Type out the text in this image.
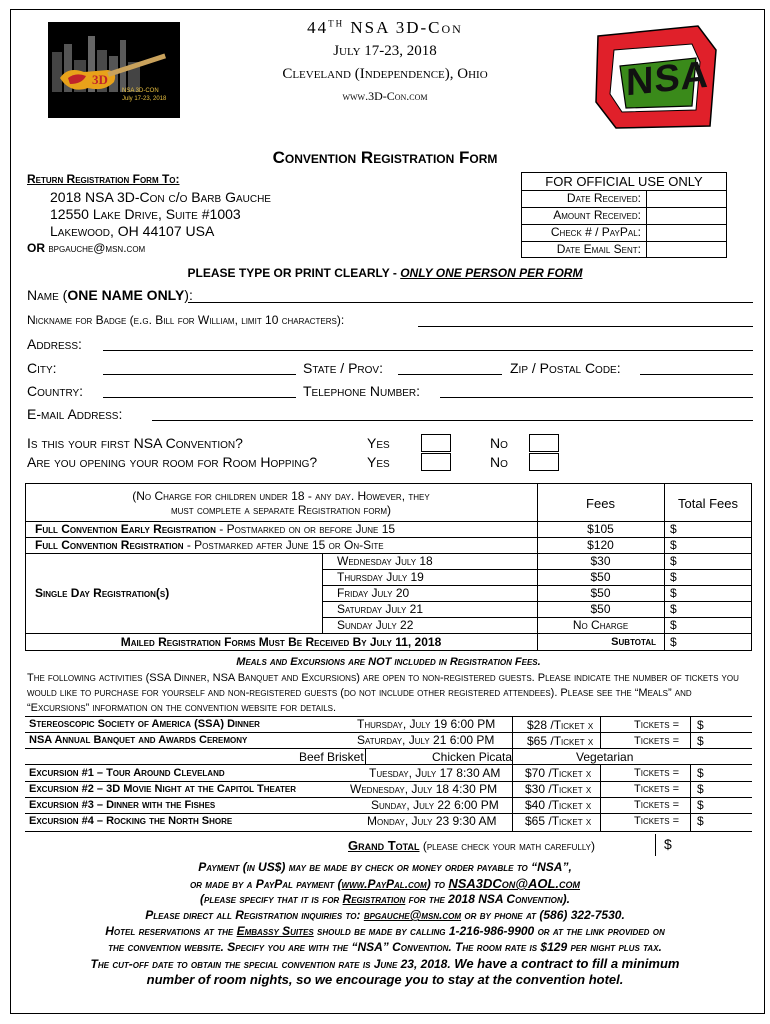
3D
NSA 3D-CON
July 17-23, 2018
44TH NSA 3D-Con
July 17-23, 2018
Cleveland (Independence), Ohio
www.3D-Con.com	NSA
Convention Registration Form
Return Registration Form To:
2018 NSA 3D-Con c/o Barb Gauche
12550 Lake Drive, Suite #1003
Lakewood, OH 44107 USA
OR bpgauche@msn.com
FOR OFFICIAL USE ONLY
Date Received:
Amount Received:
Check # / PayPal:
Date Email Sent:
PLEASE TYPE OR PRINT CLEARLY - ONLY ONE PERSON PER FORM
Name (ONE NAME ONLY):
Nickname for Badge (e.g. Bill for William, limit 10 characters):
Address:
City:	State / Prov:	Zip / Postal Code:
Country:	Telephone Number:
E-mail Address:
Is this your first NSA Convention?	Yes	No
Are you opening your room for Room Hopping?	Yes	No
(No Charge for children under 18 - any day. However, they
must complete a separate Registration form)	Fees	Total Fees
Full Convention Early Registration - Postmarked on or before June 15	$105	$
Full Convention Registration - Postmarked after June 15 or On-Site	$120	$
Single Day Registration(s)
Wednesday July 18	$30	$
Thursday July 19	$50	$
Friday July 20	$50	$
Saturday July 21	$50	$
Sunday July 22	No Charge	$
Mailed Registration Forms Must Be Received By July 11, 2018	Subtotal $
Meals and Excursions are NOT included in Registration Fees.
The following activities (SSA Dinner, NSA Banquet and Excursions) are open to non-registered guests. Please indicate the number of tickets you would like to purchase for yourself and non-registered guests (do not include other registered attendees). Please see the “Meals” and “Excursions” information on the convention website for details.
Stereoscopic Society of America (SSA) Dinner	Thursday, July 19 6:00 PM	$28 /Ticket x	Tickets = $
NSA Annual Banquet and Awards Ceremony	Saturday, July 21 6:00 PM	$65 /Ticket x	Tickets = $
Beef Brisket	Chicken Picata	Vegetarian
Excursion #1 – Tour Around Cleveland	Tuesday, July 17 8:30 AM $70 /Ticket x	Tickets = $
Excursion #2 – 3D Movie Night at the Capitol Theater	Wednesday, July 18 4:30 PM $30 /Ticket x	Tickets = $
Excursion #3 – Dinner with the Fishes	Sunday, July 22 6:00 PM $40 /Ticket x	Tickets = $
Excursion #4 – Rocking the North Shore	Monday, July 23 9:30 AM $65 /Ticket x	Tickets = $
Grand Total (please check your math carefully)	$
Payment (in US$) may be made by check or money order payable to “NSA”,
or made by a PayPal payment (www.PayPal.com) to NSA3DCon@AOL.com
(please specify that it is for Registration for the 2018 NSA Convention).
Please direct all Registration inquiries to: bpgauche@msn.com or by phone at (586) 322-7530.
Hotel reservations at the Embassy Suites should be made by calling 1-216-986-9900 or at the link provided on
the convention website. Specify you are with the “NSA” Convention. The room rate is $129 per night plus tax.
The cut-off date to obtain the special convention rate is June 23, 2018. We have a contract to fill a minimum
number of room nights, so we encourage you to stay at the convention hotel.
